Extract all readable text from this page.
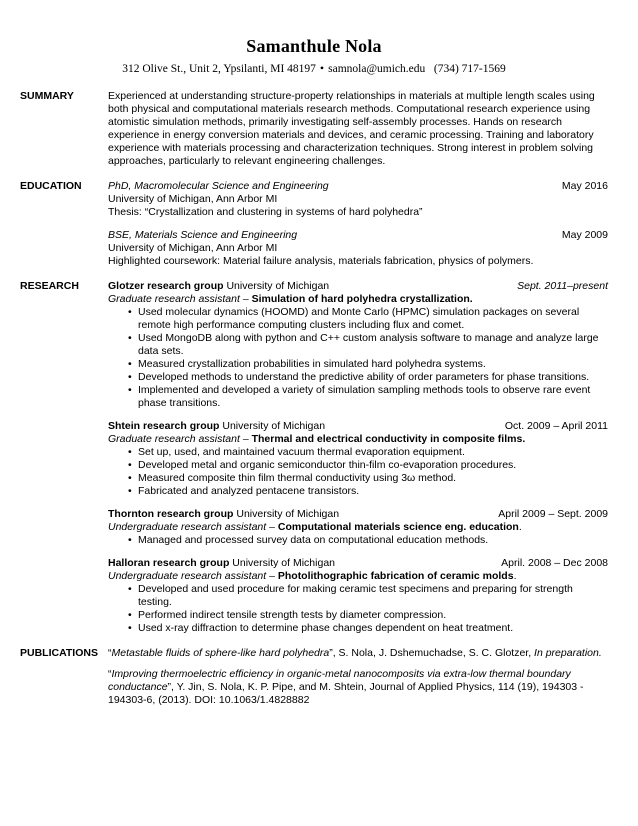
Samanthule Nola
312 Olive St., Unit 2, Ypsilanti, MI 48197 • samnola@umich.edu (734) 717-1569
SUMMARY	Experienced at understanding structure-property relationships in materials at multiple length scales using both physical and computational materials research methods. Computational research experience using atomistic simulation methods, primarily investigating self-assembly processes. Hands on research experience in energy conversion materials and devices, and ceramic processing. Training and laboratory experience with materials processing and characterization techniques. Strong interest in problem solving approaches, particularly to relevant engineering challenges.

EDUCATION	PhD, Macromolecular Science and Engineering	May 2016
University of Michigan, Ann Arbor MI
Thesis: “Crystallization and clustering in systems of hard polyhedra”
BSE, Materials Science and Engineering	May 2009
University of Michigan, Ann Arbor MI
Highlighted coursework: Material failure analysis, materials fabrication, physics of polymers.
RESEARCH	Glotzer research group University of Michigan	Sept. 2011–present
Graduate research assistant – Simulation of hard polyhedra crystallization.
• Used molecular dynamics (HOOMD) and Monte Carlo (HPMC) simulation packages on several remote high performance computing clusters including flux and comet.
• Used MongoDB along with python and C++ custom analysis software to manage and analyze large data sets.
• Measured crystallization probabilities in simulated hard polyhedra systems.
• Developed methods to understand the predictive ability of order parameters for phase transitions.
• Implemented and developed a variety of simulation sampling methods tools to observe rare event phase transitions.
Shtein research group University of Michigan	Oct. 2009 – April 2011
Graduate research assistant – Thermal and electrical conductivity in composite films.
• Set up, used, and maintained vacuum thermal evaporation equipment.
• Developed metal and organic semiconductor thin-film co-evaporation procedures.
• Measured composite thin film thermal conductivity using 3ω method.
• Fabricated and analyzed pentacene transistors.
Thornton research group University of Michigan	April 2009 – Sept. 2009
Undergraduate research assistant – Computational materials science eng. education.
• Managed and processed survey data on computational education methods.
Halloran research group University of Michigan	April. 2008 – Dec 2008
Undergraduate research assistant – Photolithographic fabrication of ceramic molds.
• Developed and used procedure for making ceramic test specimens and preparing for strength testing.
• Performed indirect tensile strength tests by diameter compression.
• Used x-ray diffraction to determine phase changes dependent on heat treatment.
PUBLICATIONS “Metastable fluids of sphere-like hard polyhedra”, S. Nola, J. Dshemuchadse, S. C. Glotzer, In preparation.

“Improving thermoelectric efficiency in organic-metal nanocomposits via extra-low thermal boundary conductance”, Y. Jin, S. Nola, K. P. Pipe, and M. Shtein, Journal of Applied Physics, 114 (19), 194303 - 194303-6, (2013). DOI: 10.1063/1.4828882
